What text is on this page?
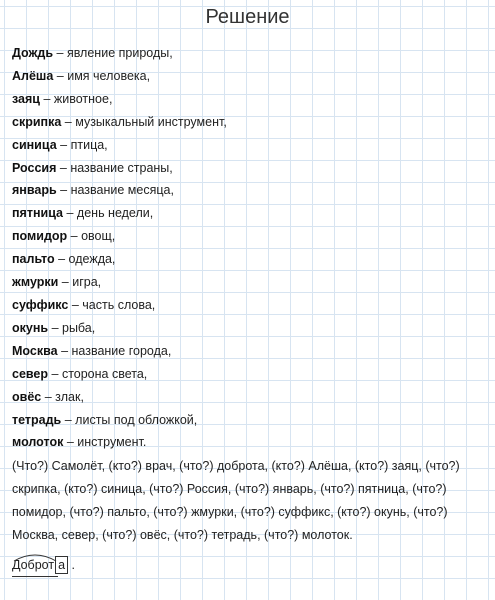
Решение
Дождь – явление природы,
Алёша – имя человека,
заяц – животное,
скрипка – музыкальный инструмент,
синица – птица,
Россия – название страны,
январь – название месяца,
пятница – день недели,
помидор – овощ,
пальто – одежда,
жмурки – игра,
суффикс – часть слова,
окунь – рыба,
Москва – название города,
север – сторона света,
овёс – злак,
тетрадь – листы под обложкой,
молоток – инструмент.
(Что?) Самолёт, (кто?) врач, (что?) доброта, (кто?) Алёша, (кто?) заяц, (что?)
скрипка, (кто?) синица, (что?) Россия, (что?) январь, (что?) пятница, (что?)
помидор, (что?) пальто, (что?) жмурки, (что?) суффикс, (кто?) окунь, (что?)
Москва, север, (что?) овёс, (что?) тетрадь, (что?) молоток.
Доброт а .
